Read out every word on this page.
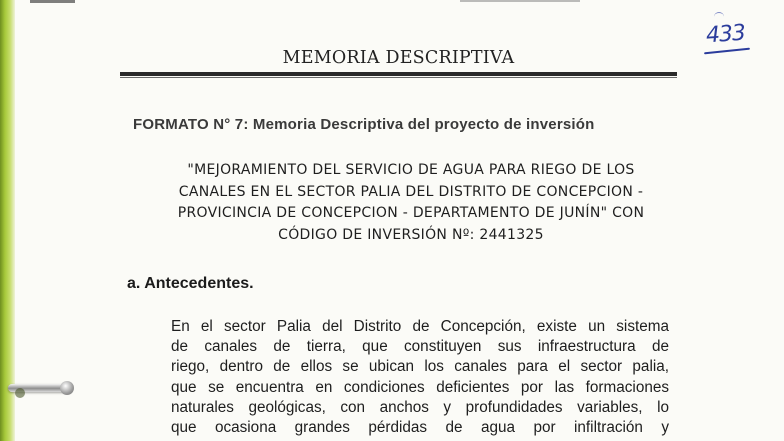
433
MEMORIA DESCRIPTIVA
FORMATO N° 7: Memoria Descriptiva del proyecto de inversión
"MEJORAMIENTO DEL SERVICIO DE AGUA PARA RIEGO DE LOS
CANALES EN EL SECTOR PALIA DEL DISTRITO DE CONCEPCION -
PROVICINCIA DE CONCEPCION - DEPARTAMENTO DE JUNÍN" CON
CÓDIGO DE INVERSIÓN Nº: 2441325
a. Antecedentes.
En el sector Palia del Distrito de Concepción, existe un sistema
de canales de tierra, que constituyen sus infraestructura de
riego, dentro de ellos se ubican los canales para el sector palia,
que se encuentra en condiciones deficientes por las formaciones
naturales geológicas, con anchos y profundidades variables, lo
que ocasiona grandes pérdidas de agua por infiltración y
